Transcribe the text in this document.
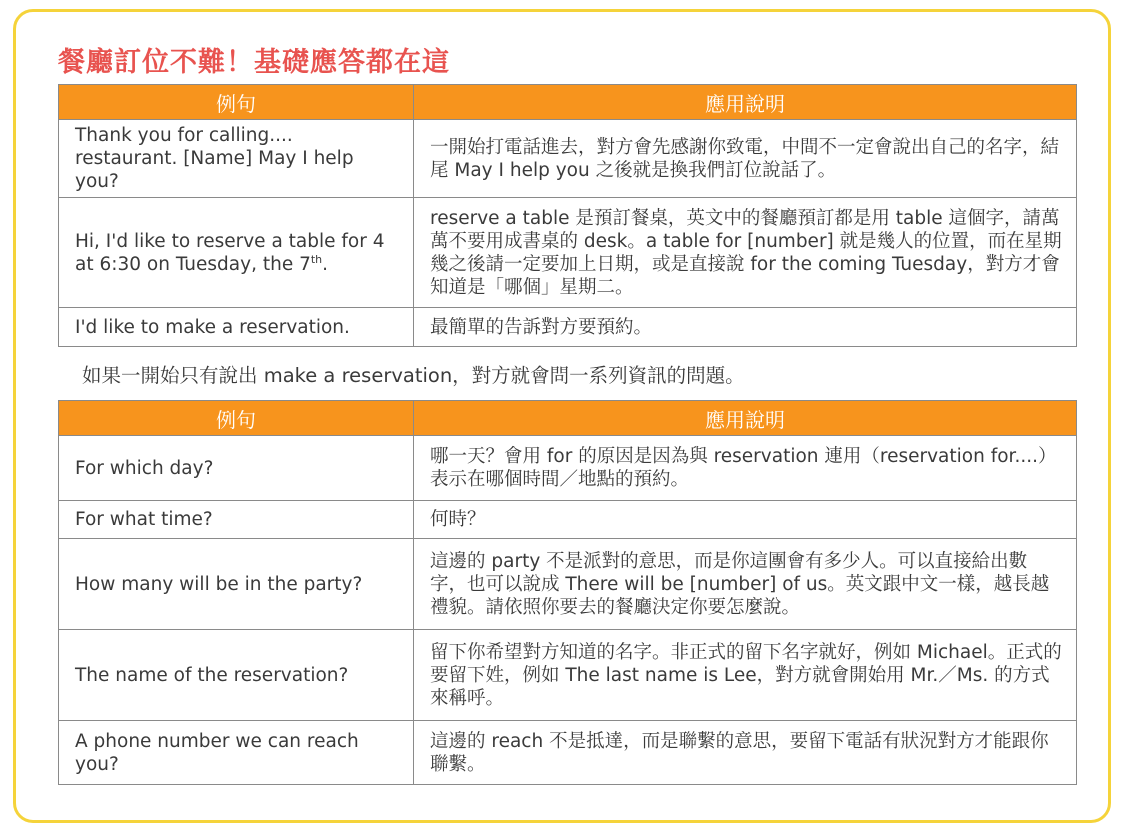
餐廳訂位不難！基礎應答都在這
例句	應用說明
Thank you for calling.... restaurant. [Name] May I help you?	一開始打電話進去，對方會先感謝你致電，中間不一定會說出自己的名字，結尾 May I help you 之後就是換我們訂位說話了。
Hi, I'd like to reserve a table for 4 at 6:30 on Tuesday, the 7th.	reserve a table 是預訂餐桌，英文中的餐廳預訂都是用 table 這個字，請萬萬不要用成書桌的 desk。a table for [number] 就是幾人的位置，而在星期幾之後請一定要加上日期，或是直接說 for the coming Tuesday，對方才會知道是「哪個」星期二。
I'd like to make a reservation.	最簡單的告訴對方要預約。

如果一開始只有說出 make a reservation，對方就會問一系列資訊的問題。

例句	應用說明
For which day?	哪一天？會用 for 的原因是因為與 reservation 連用（reservation for....）表示在哪個時間／地點的預約。
For what time?	何時？
How many will be in the party?	這邊的 party 不是派對的意思，而是你這團會有多少人。可以直接給出數字，也可以說成 There will be [number] of us。英文跟中文一樣，越長越禮貌。請依照你要去的餐廳決定你要怎麼說。
The name of the reservation?	留下你希望對方知道的名字。非正式的留下名字就好，例如 Michael。正式的要留下姓，例如 The last name is Lee，對方就會開始用 Mr.／Ms. 的方式來稱呼。
A phone number we can reach you?	這邊的 reach 不是抵達，而是聯繫的意思，要留下電話有狀況對方才能跟你聯繫。
